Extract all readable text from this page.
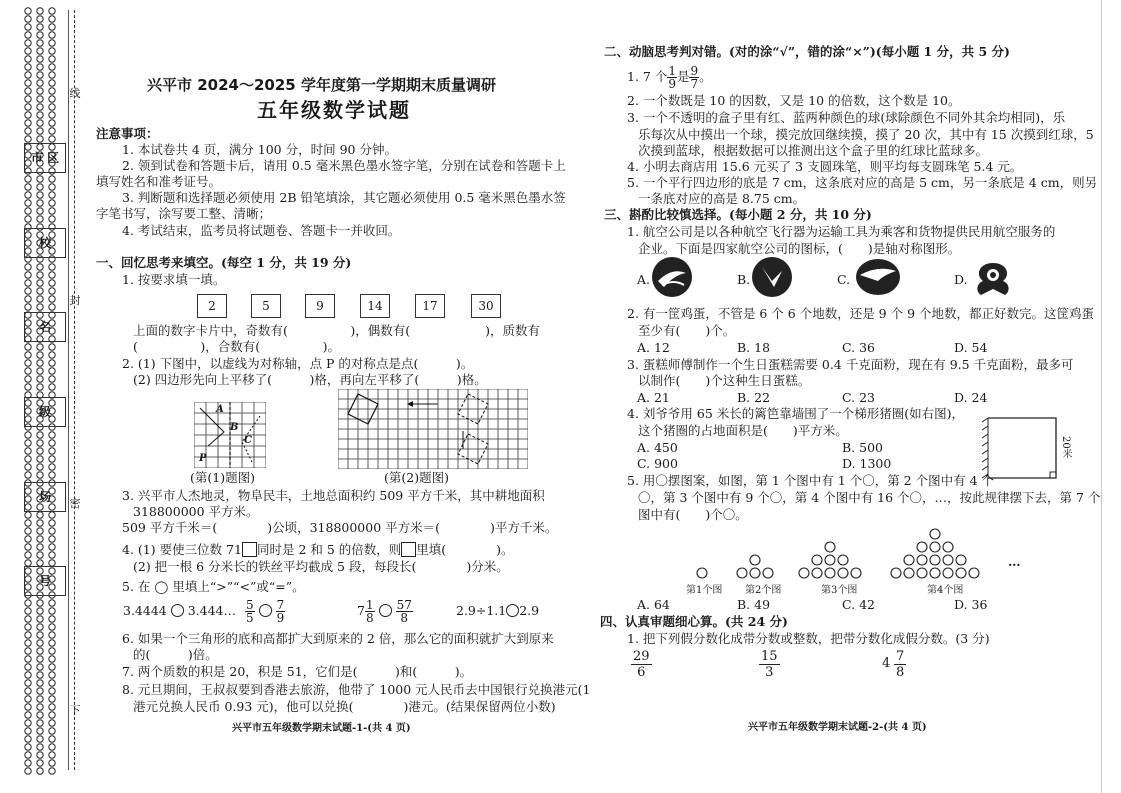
市 区
校
名
级
场
号
线
封
密
下
兴平市 2024～2025 学年度第一学期期末质量调研
五年级数学试题
注意事项：
1. 本试卷共 4 页，满分 100 分，时间 90 分钟。
2. 领到试卷和答题卡后，请用 0.5 毫米黑色墨水签字笔，分别在试卷和答题卡上
填写姓名和准考证号。
3. 判断题和选择题必须使用 2B 铅笔填涂，其它题必须使用 0.5 毫米黑色墨水签
字笔书写，涂写要工整、清晰；
4. 考试结束，监考员将试题卷、答题卡一并收回。
一、回忆思考来填空。(每空 1 分，共 19 分)
1. 按要求填一填。
2	5	9	14	17	30
上面的数字卡片中，奇数有(　　　　　)，偶数有(　　　　　　)，质数有
(　　　　　)，合数有(　　　　　)。
2. (1) 下图中，以虚线为对称轴，点 P 的对称点是点(　　　)。
(2) 四边形先向上平移了(　　　)格，再向左平移了(　　　)格。
A
B
C
P
(第(1)题图)	(第(2)题图)
3. 兴平市人杰地灵，物阜民丰，土地总面积约 509 平方千米，其中耕地面积
318800000 平方米。
509 平方千米＝(　　　　)公顷，318800000 平方米＝(　　　　)平方千米。
4. (1) 要使三位数 71 同时是 2 和 5 的倍数，则 里填(　　　　)。
(2) 把一根 6 分米长的铁丝平均截成 5 段，每段长(　　　　)分米。
5. 在 ◯ 里填上“>”“<”或“=”。
3.4444 3.444… $\frac{5}{5}$
$\frac{7}{9}$	$7 \frac{1}{8}$
$\frac{57}{8}$	2.9÷1.1 2.9
6. 如果一个三角形的底和高都扩大到原来的 2 倍，那么它的面积就扩大到原来
的(　　　)倍。
7. 两个质数的积是 20，积是 51，它们是(　　　)和(　　　)。
8. 元旦期间，王叔叔要到香港去旅游，他带了 1000 元人民币去中国银行兑换港元(1
港元兑换人民币 0.93 元)，他可以兑换(　　　　)港元。(结果保留两位小数)
兴平市五年级数学期末试题-1-(共 4 页)
二、动脑思考判对错。(对的涂“√”，错的涂“×”)(每小题 1 分，共 5 分)
1. 7 个 $\frac{1}{9}$ 是 $\frac{9}{7}$ 。
2. 一个数既是 10 的因数，又是 10 的倍数，这个数是 10。
3. 一个不透明的盒子里有红、蓝两种颜色的球(球除颜色不同外其余均相同)，乐
乐每次从中摸出一个球，摸完放回继续摸，摸了 20 次，其中有 15 次摸到红球，5
次摸到蓝球，根据数据可以推测出这个盒子里的红球比蓝球多。
4. 小明去商店用 15.6 元买了 3 支圆珠笔，则平均每支圆珠笔 5.4 元。
5. 一个平行四边形的底是 7 cm，这条底对应的高是 5 cm，另一条底是 4 cm，则另
一条底对应的高是 8.75 cm。
三、斟酌比较慎选择。(每小题 2 分，共 10 分)
1. 航空公司是以各种航空飞行器为运输工具为乘客和货物提供民用航空服务的
企业。下面是四家航空公司的图标，(　　)是轴对称图形。
A.	B.	C.	D.
2. 有一筐鸡蛋，不管是 6 个 6 个地数，还是 9 个 9 个地数，都正好数完。这筐鸡蛋
至少有(　　)个。
A. 12	B. 18	C. 36	D. 54
3. 蛋糕师傅制作一个生日蛋糕需要 0.4 千克面粉，现在有 9.5 千克面粉，最多可
以制作(　　)个这种生日蛋糕。
A. 21	B. 22	C. 23	D. 24
4. 刘爷爷用 65 米长的篱笆靠墙围了一个梯形猪圈(如右图)，
这个猪圈的占地面积是(　　)平方米。
A. 450	B. 500
C. 900	D. 1300
20米
5. 用〇摆图案，如图，第 1 个图中有 1 个〇，第 2 个图中有 4 个
〇，第 3 个图中有 9 个〇，第 4 个图中有 16 个〇，…，按此规律摆下去，第 7 个
图中有(　　)个〇。
第1个图 第2个图	第3个图	第4个图
…
A. 64	B. 49	C. 42	D. 36
四、认真审题细心算。(共 24 分)
1. 把下列假分数化成带分数或整数，把带分数化成假分数。(3 分)
29
6
15
3
4 7
8
兴平市五年级数学期末试题-2-(共 4 页)
